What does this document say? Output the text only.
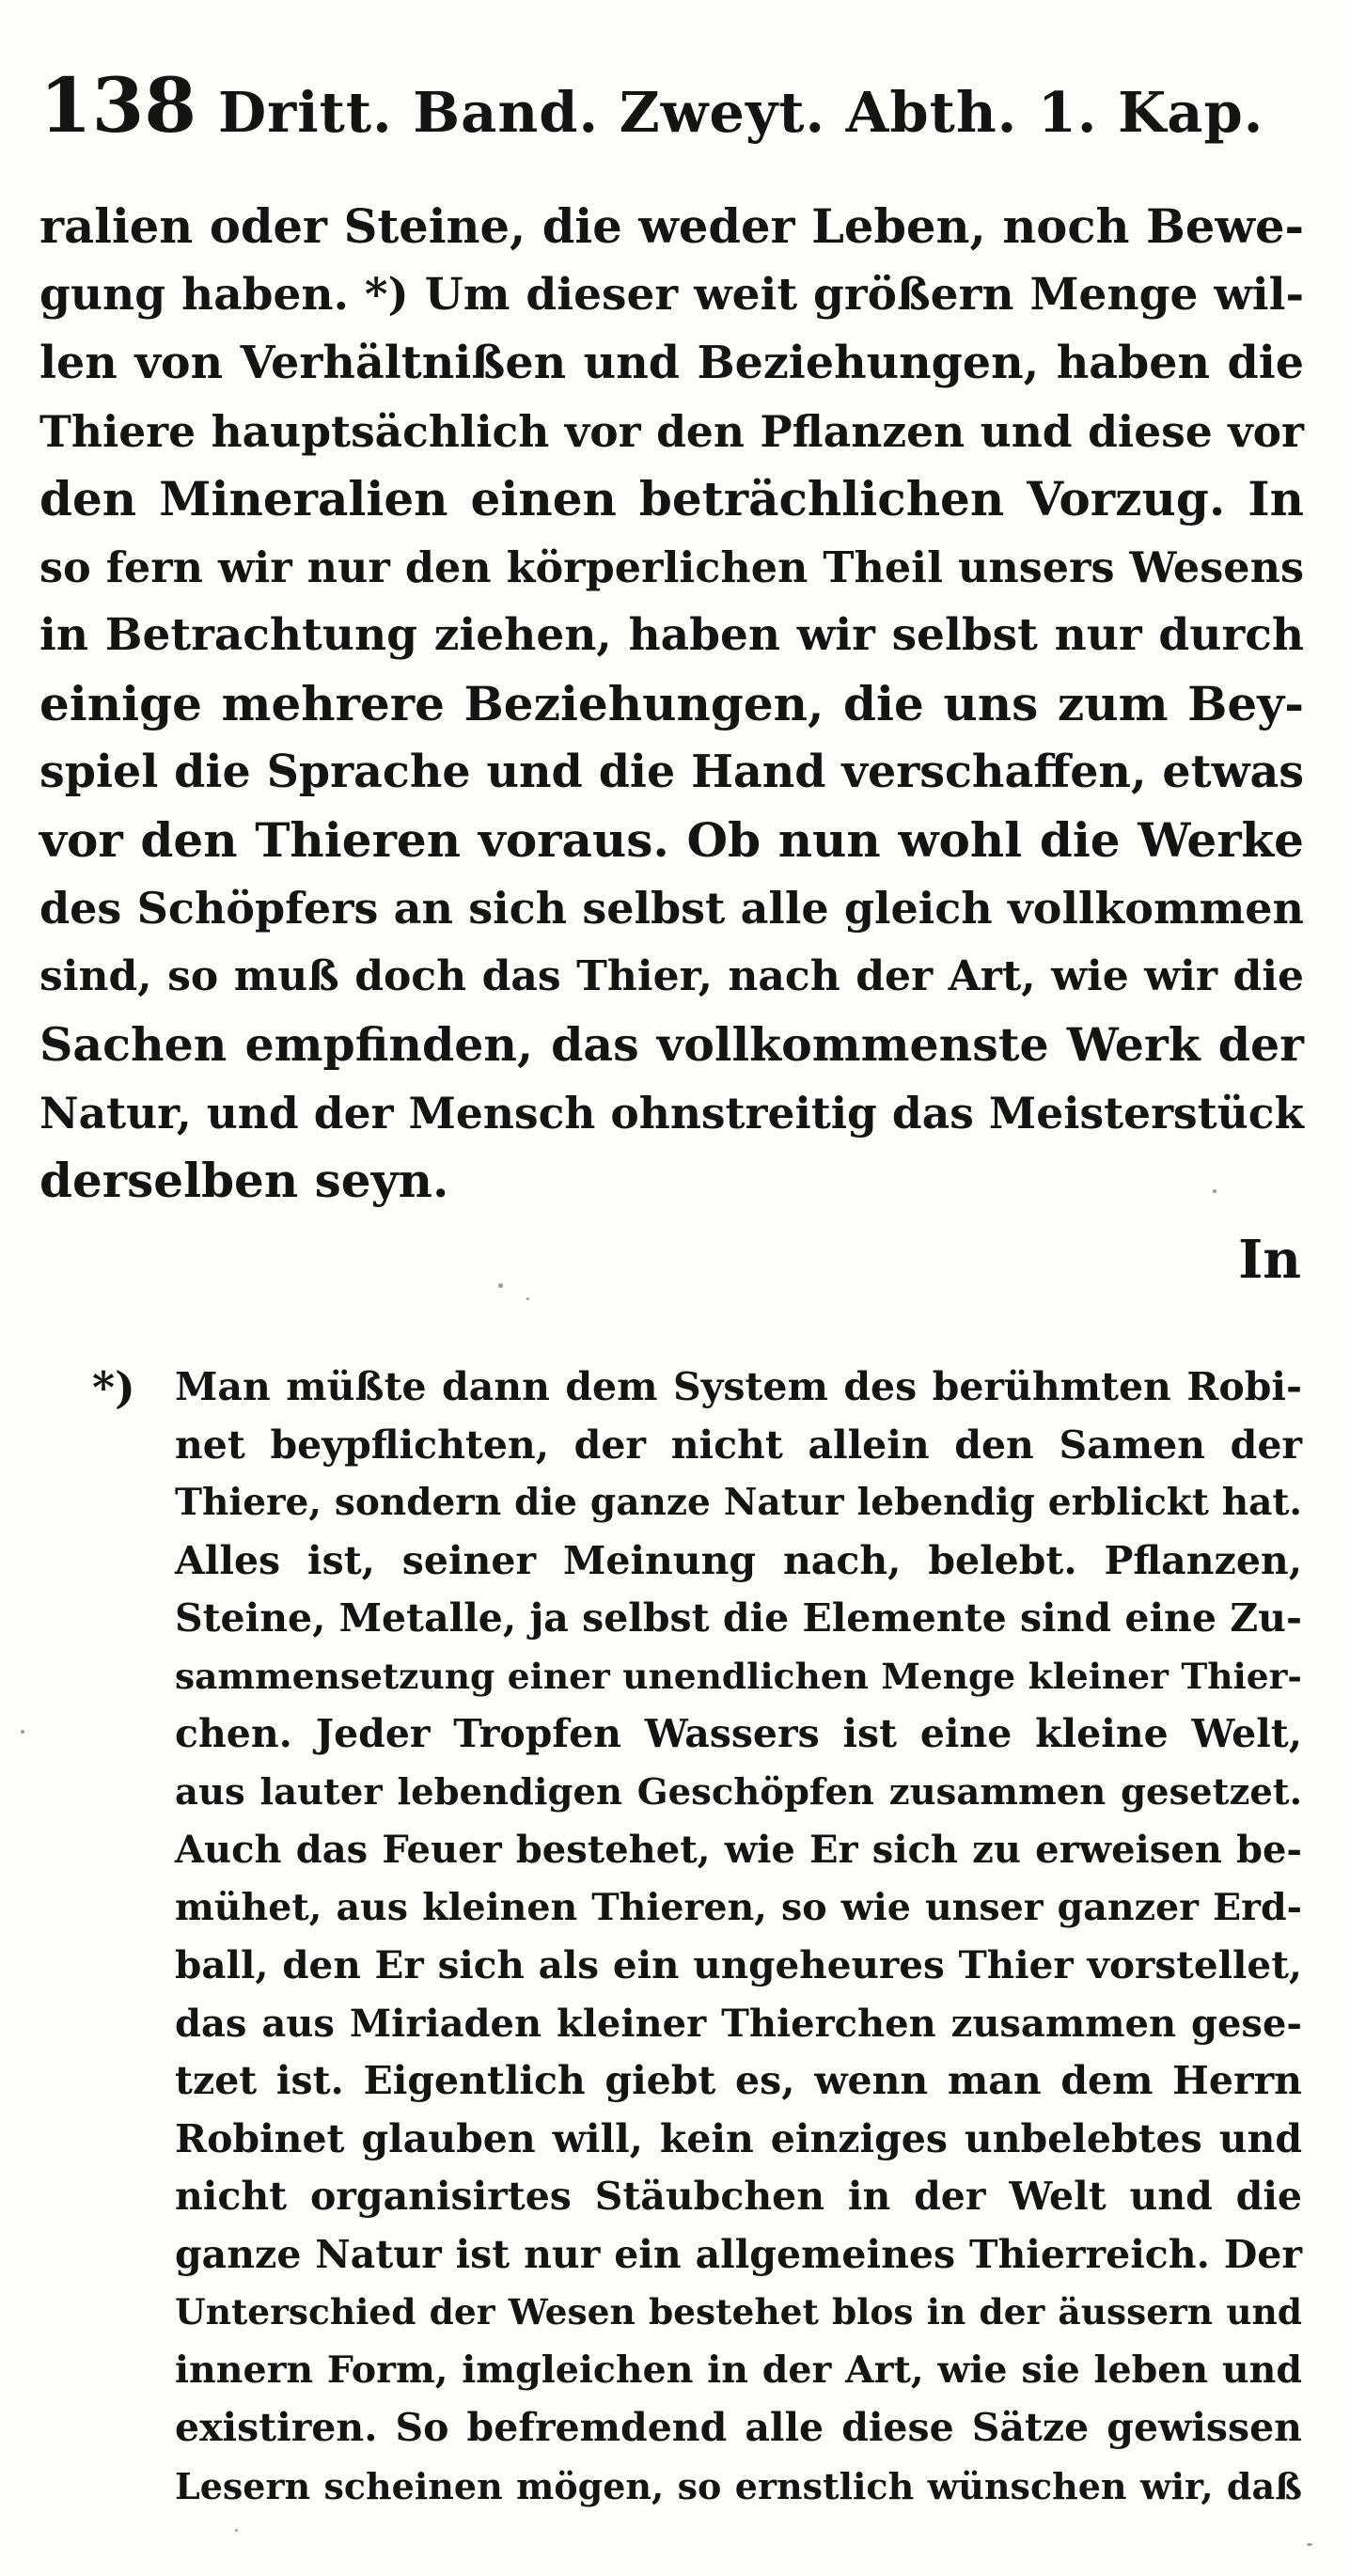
138 Dritt. Band. Zweyt. Abth. 1. Kap.
ralien oder Steine, die weder Leben, noch Bewe-
gung haben. *) Um dieser weit größern Menge wil-
len von Verhältnißen und Beziehungen, haben die
Thiere hauptsächlich vor den Pflanzen und diese vor
den Mineralien einen beträchlichen Vorzug. In
so fern wir nur den körperlichen Theil unsers Wesens
in Betrachtung ziehen, haben wir selbst nur durch
einige mehrere Beziehungen, die uns zum Bey-
spiel die Sprache und die Hand verschaffen, etwas
vor den Thieren voraus. Ob nun wohl die Werke
des Schöpfers an sich selbst alle gleich vollkommen
sind, so muß doch das Thier, nach der Art, wie wir die
Sachen empfinden, das vollkommenste Werk der
Natur, und der Mensch ohnstreitig das Meisterstück
derselben seyn.
In
*) Man müßte dann dem System des berühmten Robi-
net beypflichten, der nicht allein den Samen der
Thiere, sondern die ganze Natur lebendig erblickt hat.
Alles ist, seiner Meinung nach, belebt. Pflanzen,
Steine, Metalle, ja selbst die Elemente sind eine Zu-
sammensetzung einer unendlichen Menge kleiner Thier-
chen. Jeder Tropfen Wassers ist eine kleine Welt,
aus lauter lebendigen Geschöpfen zusammen gesetzet.
Auch das Feuer bestehet, wie Er sich zu erweisen be-
mühet, aus kleinen Thieren, so wie unser ganzer Erd-
ball, den Er sich als ein ungeheures Thier vorstellet,
das aus Miriaden kleiner Thierchen zusammen gese-
tzet ist. Eigentlich giebt es, wenn man dem Herrn
Robinet glauben will, kein einziges unbelebtes und
nicht organisirtes Stäubchen in der Welt und die
ganze Natur ist nur ein allgemeines Thierreich. Der
Unterschied der Wesen bestehet blos in der äussern und
innern Form, imgleichen in der Art, wie sie leben und
existiren. So befremdend alle diese Sätze gewissen
Lesern scheinen mögen, so ernstlich wünschen wir, daß
